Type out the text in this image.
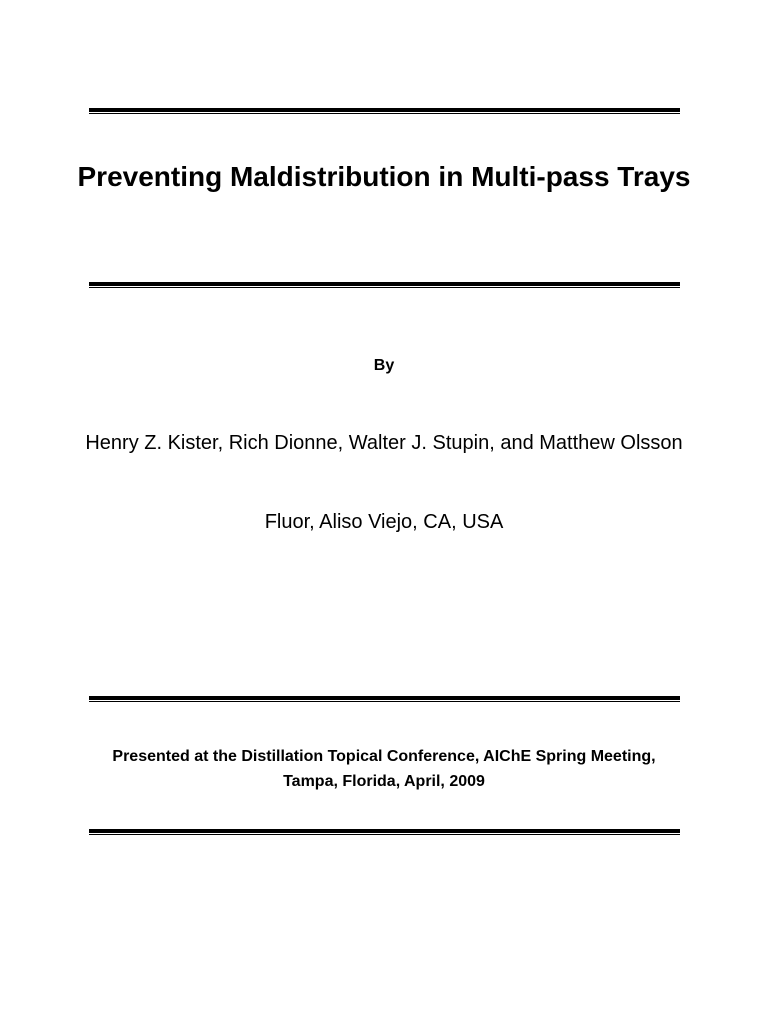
Preventing Maldistribution in Multi-pass Trays
By
Henry Z. Kister, Rich Dionne, Walter J. Stupin, and Matthew Olsson
Fluor, Aliso Viejo, CA, USA
Presented at the Distillation Topical Conference, AIChE Spring Meeting, Tampa, Florida, April, 2009
